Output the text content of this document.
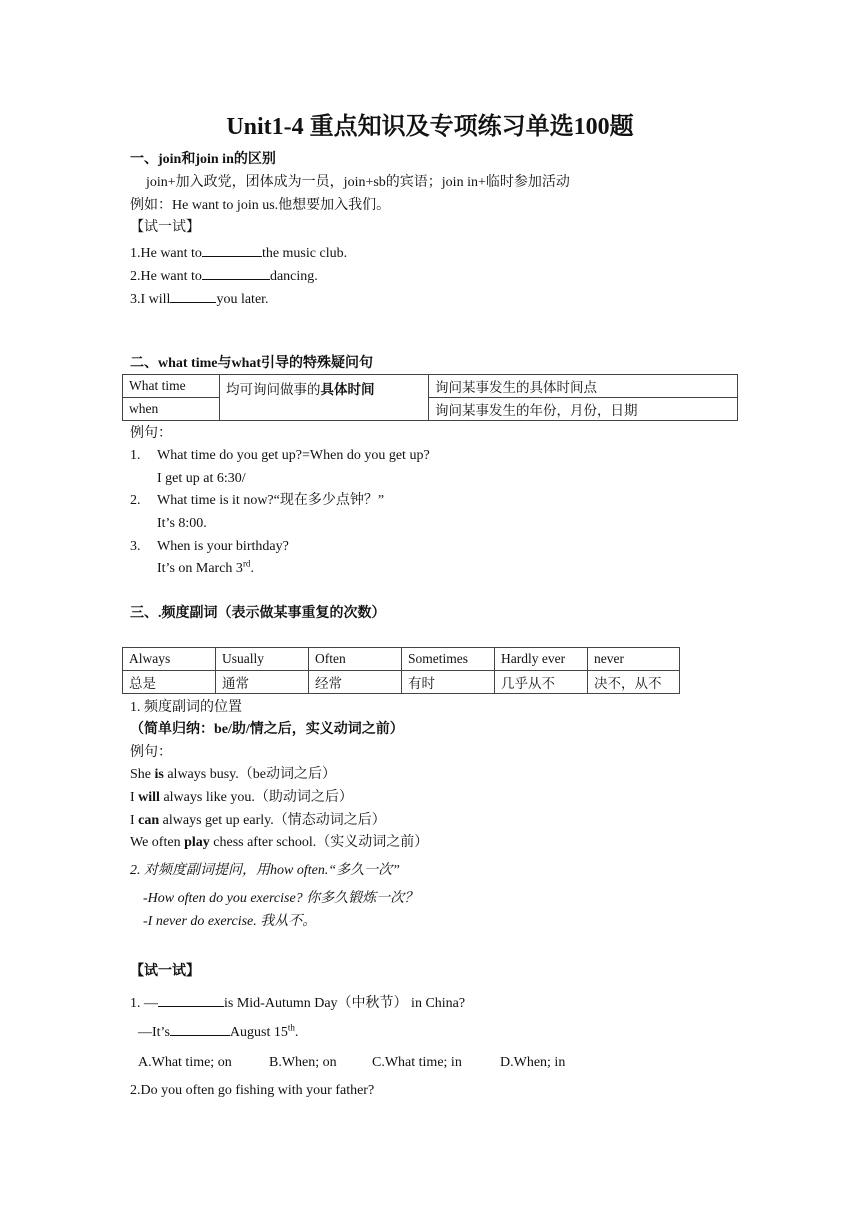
Unit1-4 重点知识及专项练习单选100题
一、join和join in的区别
join+加入政党，团体成为一员，join+sb的宾语；join in+临时参加活动
例如：He want to join us.他想要加入我们。
【试一试】
1.He want to	the music club.
2.He want to	dancing.
3.I will	you later.
二、what time与what引导的特殊疑问句
What time	均可询问做事的具体时间	询问某事发生的具体时间点
when		询问某事发生的年份，月份，日期
例句：
1. What time do you get up?=When do you get up?
I get up at 6:30/
2. What time is it now?“现在多少点钟？”
It’s 8:00.
3. When is your birthday?
It’s on March 3rd.
三、.频度副词（表示做某事重复的次数）
Always	Usually	Often	Sometimes	Hardly ever	never
总是	通常	经常	有时	几乎从不	决不，从不
1. 频度副词的位置
（简单归纳：be/助/情之后，实义动词之前）
例句：
She is always busy.（be动词之后）
I will always like you.（助动词之后）
I can always get up early.（情态动词之后）
We often play chess after school.（实义动词之前）
2. 对频度副词提问，用how often.“多久一次”
-How often do you exercise? 你多久锻炼一次？
-I never do exercise. 我从不。
【试一试】
1. —	is Mid-Autumn Day（中秋节） in China?
—It’s	August 15th.
A.What time; on	B.When; on	C.What time; in	D.When; in
2.Do you often go fishing with your father?
